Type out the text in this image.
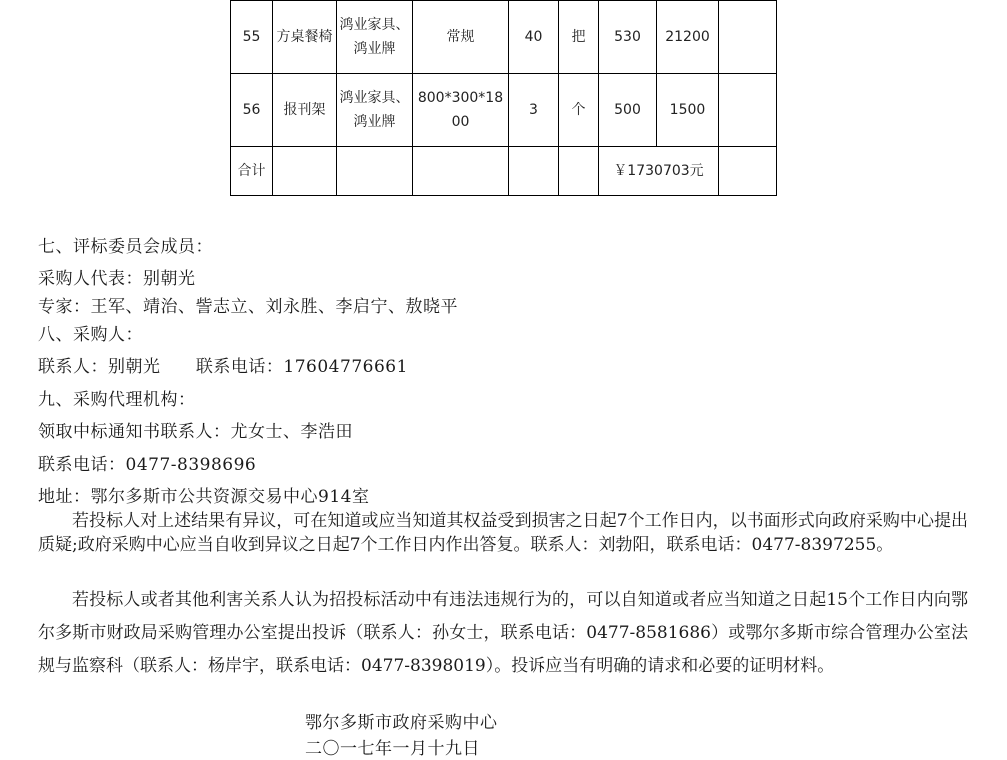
55	方桌餐椅	鸿业家具、鸿业牌	常规	40	把	530	21200	
56	报刊架	鸿业家具、鸿业牌	800*300*1800	3	个	500	1500	
合计						￥1730703元		
七、评标委员会成员：
采购人代表：别朝光
专家：王军、靖治、訾志立、刘永胜、李启宁、敖晓平
八、采购人：
联系人：别朝光      联系电话：17604776661
九、采购代理机构：
领取中标通知书联系人：尤女士、李浩田
联系电话：0477-8398696
地址：鄂尔多斯市公共资源交易中心914室

若投标人对上述结果有异议，可在知道或应当知道其权益受到损害之日起7个工作日内，以书面形式向政府采购中心提出质疑;政府采购中心应当自收到异议之日起7个工作日内作出答复。联系人：刘勃阳，联系电话：0477-8397255。

若投标人或者其他利害关系人认为招投标活动中有违法违规行为的，可以自知道或者应当知道之日起15个工作日内向鄂尔多斯市财政局采购管理办公室提出投诉（联系人：孙女士，联系电话：0477-8581686）或鄂尔多斯市综合管理办公室法规与监察科（联系人：杨岸宇，联系电话：0477-8398019）。投诉应当有明确的请求和必要的证明材料。

鄂尔多斯市政府采购中心
二〇一七年一月十九日
